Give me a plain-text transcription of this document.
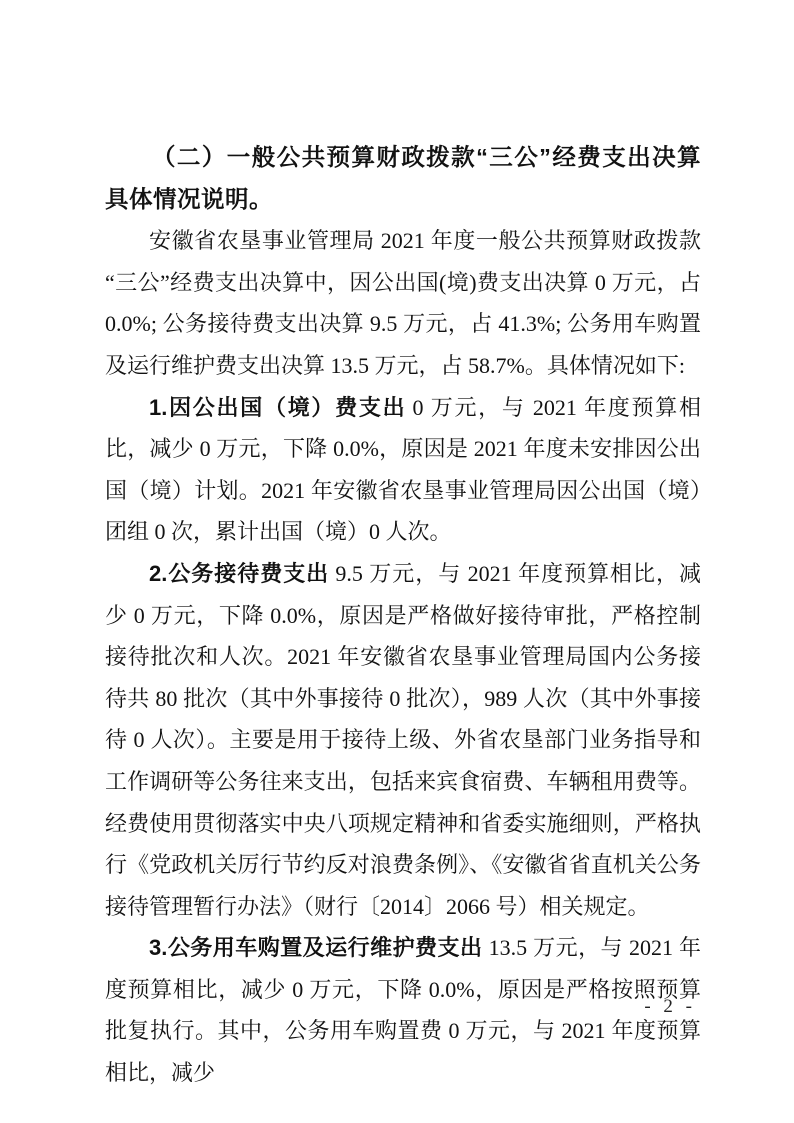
（二）一般公共预算财政拨款“三公”经费支出决算具体情况说明。

安徽省农垦事业管理局 2021 年度一般公共预算财政拨款“三公”经费支出决算中，因公出国(境)费支出决算 0 万元，占 0.0%; 公务接待费支出决算 9.5 万元，占 41.3%; 公务用车购置及运行维护费支出决算 13.5 万元，占 58.7%。具体情况如下:

1.因公出国（境）费支出 0 万元，与 2021 年度预算相比，减少 0 万元，下降 0.0%，原因是 2021 年度未安排因公出国（境）计划。2021 年安徽省农垦事业管理局因公出国（境）团组 0 次，累计出国（境）0 人次。

2.公务接待费支出 9.5 万元，与 2021 年度预算相比，减少 0 万元，下降 0.0%，原因是严格做好接待审批，严格控制接待批次和人次。2021 年安徽省农垦事业管理局国内公务接待共 80 批次（其中外事接待 0 批次），989 人次（其中外事接待 0 人次）。主要是用于接待上级、外省农垦部门业务指导和工作调研等公务往来支出，包括来宾食宿费、车辆租用费等。经费使用贯彻落实中央八项规定精神和省委实施细则，严格执行《党政机关厉行节约反对浪费条例》、《安徽省省直机关公务接待管理暂行办法》（财行〔2014〕2066 号）相关规定。

3.公务用车购置及运行维护费支出 13.5 万元，与 2021 年度预算相比，减少 0 万元，下降 0.0%，原因是严格按照预算批复执行。其中，公务用车购置费 0 万元，与 2021 年度预算相比，减少

- 2 -
